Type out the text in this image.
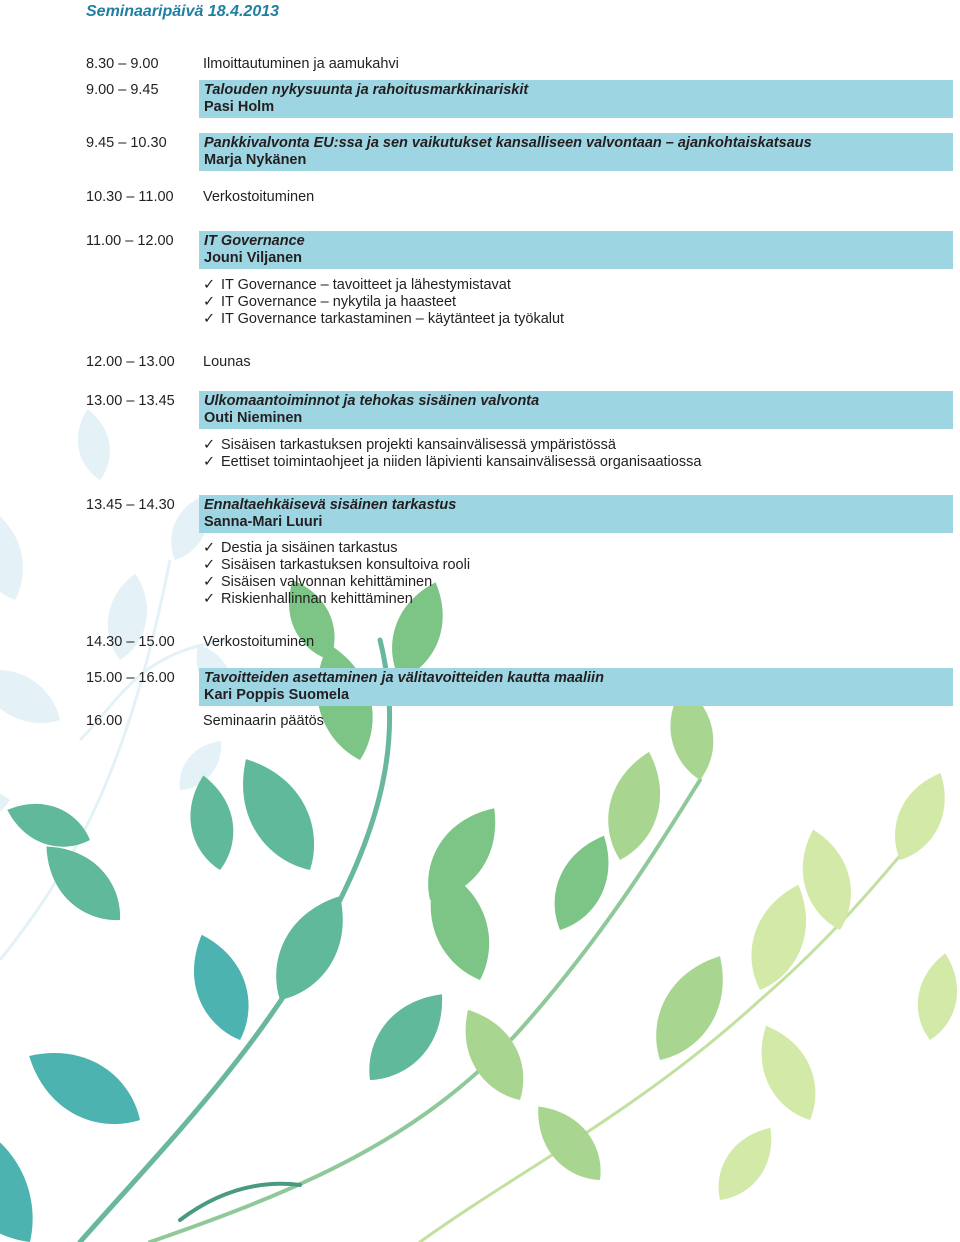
Seminaaripäivä 18.4.2013
8.30 – 9.00	Ilmoittautuminen ja aamukahvi
9.00 – 9.45	Talouden nykysuunta ja rahoitusmarkkinariskit
Pasi Holm
9.45 – 10.30	Pankkivalvonta EU:ssa ja sen vaikutukset kansalliseen valvontaan – ajankohtaiskatsaus
Marja Nykänen
10.30 – 11.00 Verkostoituminen
11.00 – 12.00 IT Governance
Jouni Viljanen
✓ IT Governance – tavoitteet ja lähestymistavat
✓ IT Governance – nykytila ja haasteet
✓ IT Governance tarkastaminen – käytänteet ja työkalut
12.00 – 13.00 Lounas
13.00 – 13.45 Ulkomaantoiminnot ja tehokas sisäinen valvonta
Outi Nieminen
✓ Sisäisen tarkastuksen projekti kansainvälisessä ympäristössä
✓ Eettiset toimintaohjeet ja niiden läpivienti kansainvälisessä organisaatiossa
13.45 – 14.30 Ennaltaehkäisevä sisäinen tarkastus
Sanna-Mari Luuri
✓ Destia ja sisäinen tarkastus
✓ Sisäisen tarkastuksen konsultoiva rooli
✓ Sisäisen valvonnan kehittäminen
✓ Riskienhallinnan kehittäminen
14.30 – 15.00 Verkostoituminen
15.00 – 16.00 Tavoitteiden asettaminen ja välitavoitteiden kautta maaliin
Kari Poppis Suomela
16.00	Seminaarin päätös
